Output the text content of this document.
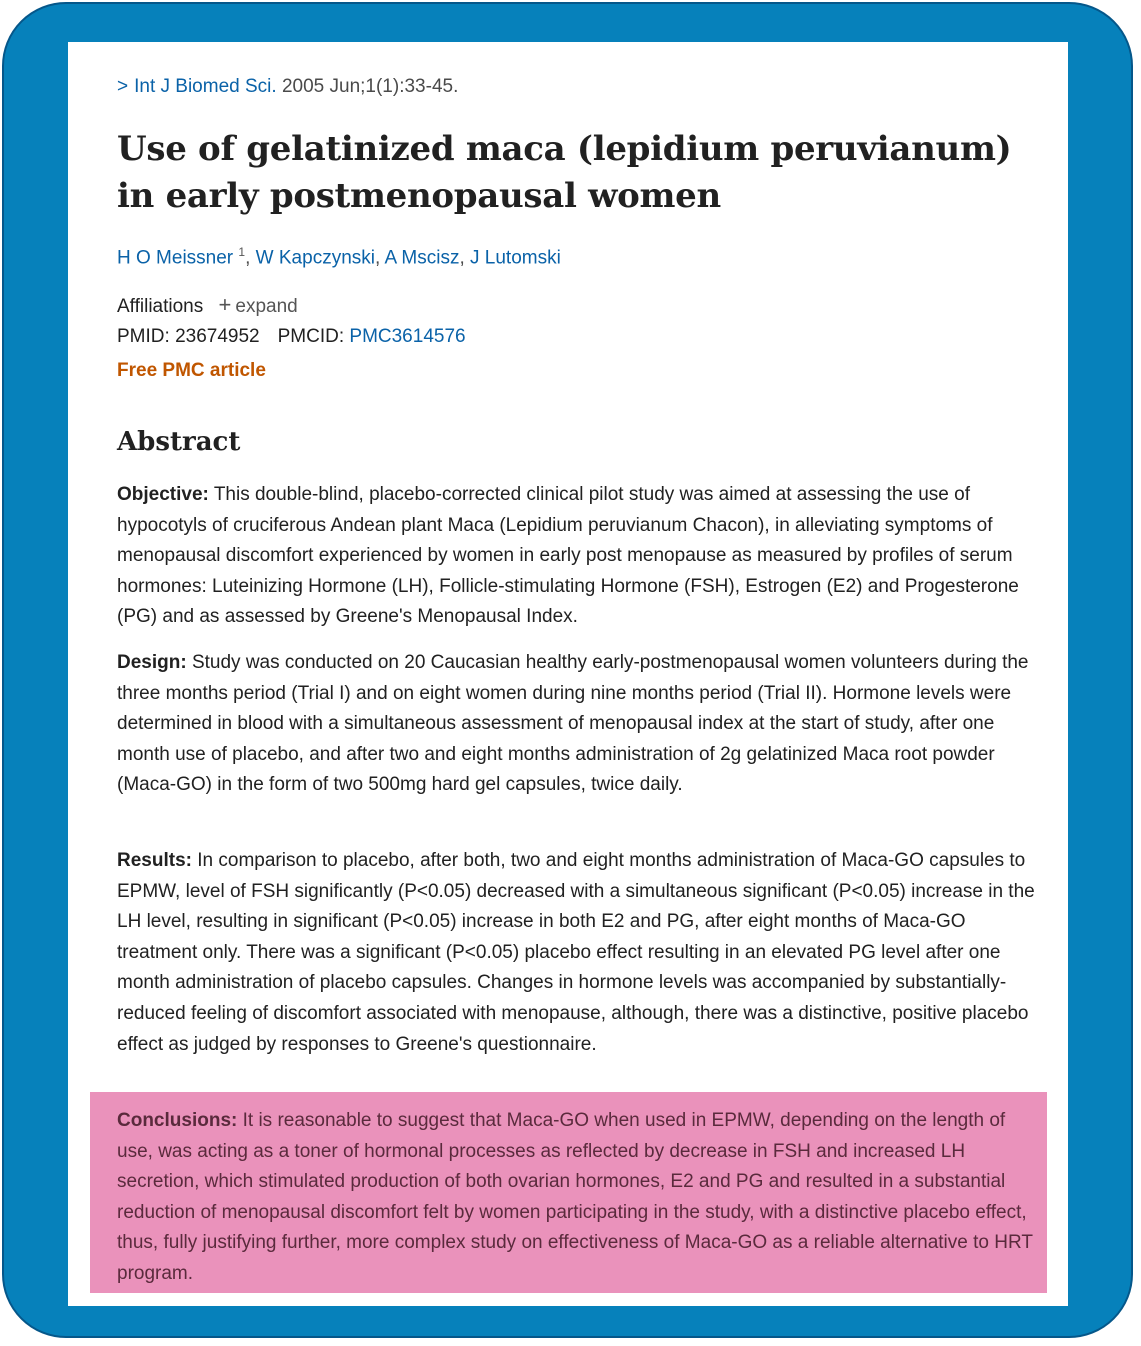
> Int J Biomed Sci. 2005 Jun;1(1):33-45.
Use of gelatinized maca (lepidium peruvianum) in early postmenopausal women
H O Meissner $^1$, W Kapczynski, A Mscisz, J Lutomski
Affiliations + expand
PMID: 23674952 PMCID: PMC3614576
Free PMC article
Abstract

Objective: This double-blind, placebo-corrected clinical pilot study was aimed at assessing the use of hypocotyls of cruciferous Andean plant Maca (Lepidium peruvianum Chacon), in alleviating symptoms of menopausal discomfort experienced by women in early post menopause as measured by profiles of serum hormones: Luteinizing Hormone (LH), Follicle-stimulating Hormone (FSH), Estrogen (E2) and Progesterone (PG) and as assessed by Greene's Menopausal Index.

Design: Study was conducted on 20 Caucasian healthy early-postmenopausal women volunteers during the three months period (Trial I) and on eight women during nine months period (Trial II). Hormone levels were determined in blood with a simultaneous assessment of menopausal index at the start of study, after one month use of placebo, and after two and eight months administration of 2g gelatinized Maca root powder (Maca-GO) in the form of two 500mg hard gel capsules, twice daily.

Results: In comparison to placebo, after both, two and eight months administration of Maca-GO capsules to EPMW, level of FSH significantly (P<0.05) decreased with a simultaneous significant (P<0.05) increase in the LH level, resulting in significant (P<0.05) increase in both E2 and PG, after eight months of Maca-GO treatment only. There was a significant (P<0.05) placebo effect resulting in an elevated PG level after one month administration of placebo capsules. Changes in hormone levels was accompanied by substantially-reduced feeling of discomfort associated with menopause, although, there was a distinctive, positive placebo effect as judged by responses to Greene's questionnaire.

Conclusions: It is reasonable to suggest that Maca-GO when used in EPMW, depending on the length of use, was acting as a toner of hormonal processes as reflected by decrease in FSH and increased LH secretion, which stimulated production of both ovarian hormones, E2 and PG and resulted in a substantial reduction of menopausal discomfort felt by women participating in the study, with a distinctive placebo effect, thus, fully justifying further, more complex study on effectiveness of Maca-GO as a reliable alternative to HRT program.
